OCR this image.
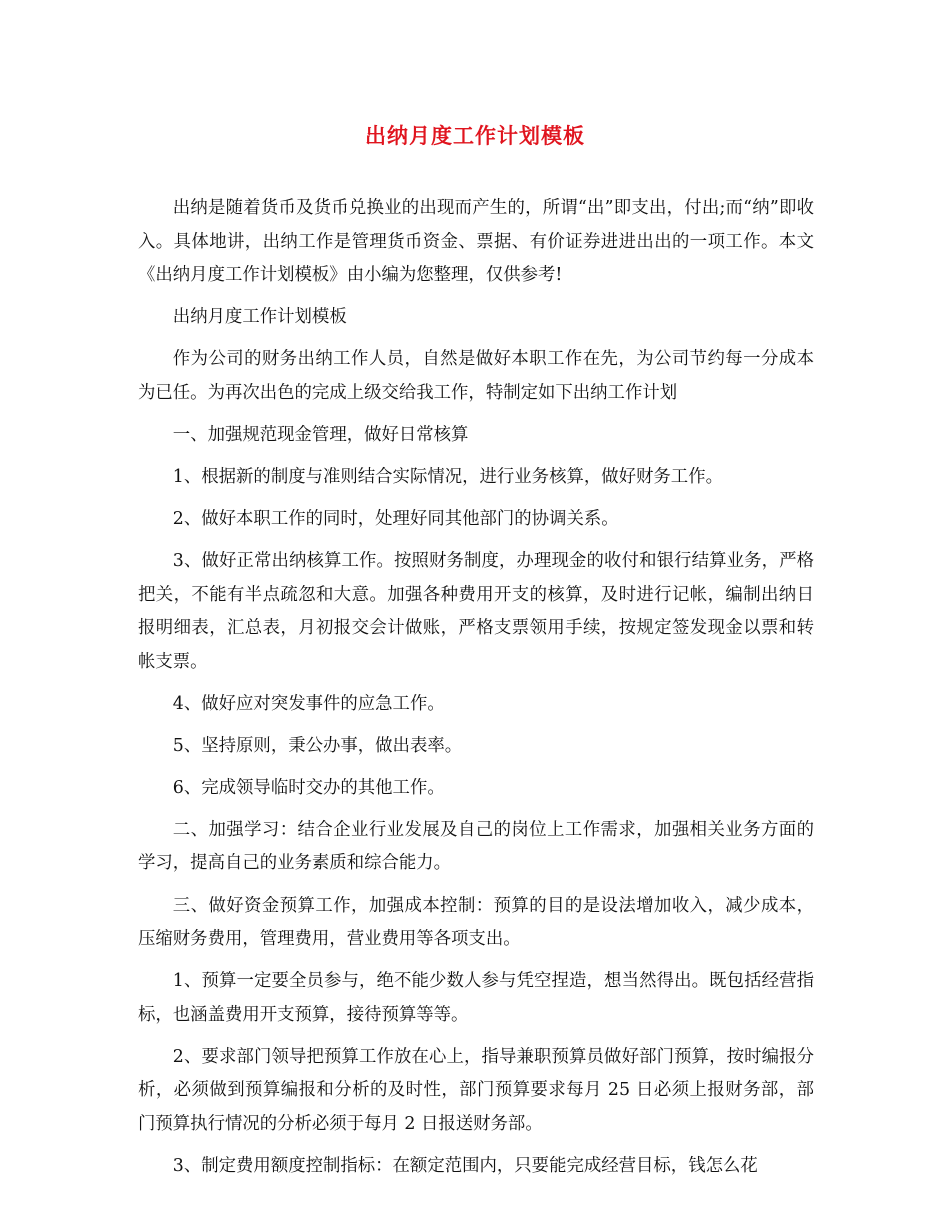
出纳月度工作计划模板

出纳是随着货币及货币兑换业的出现而产生的，所谓“出”即支出，付出;而“纳”即收入。具体地讲，出纳工作是管理货币资金、票据、有价证券进进出出的一项工作。本文《出纳月度工作计划模板》由小编为您整理，仅供参考!

出纳月度工作计划模板

作为公司的财务出纳工作人员，自然是做好本职工作在先，为公司节约每一分成本为已任。为再次出色的完成上级交给我工作，特制定如下出纳工作计划

一、加强规范现金管理，做好日常核算

1、根据新的制度与准则结合实际情况，进行业务核算，做好财务工作。

2、做好本职工作的同时，处理好同其他部门的协调关系。

3、做好正常出纳核算工作。按照财务制度，办理现金的收付和银行结算业务，严格把关，不能有半点疏忽和大意。加强各种费用开支的核算，及时进行记帐，编制出纳日报明细表，汇总表，月初报交会计做账，严格支票领用手续，按规定签发现金以票和转帐支票。

4、做好应对突发事件的应急工作。

5、坚持原则，秉公办事，做出表率。

6、完成领导临时交办的其他工作。

二、加强学习：结合企业行业发展及自己的岗位上工作需求，加强相关业务方面的学习，提高自己的业务素质和综合能力。

三、做好资金预算工作，加强成本控制：预算的目的是设法增加收入，减少成本，压缩财务费用，管理费用，营业费用等各项支出。

1、预算一定要全员参与，绝不能少数人参与凭空捏造，想当然得出。既包括经营指标，也涵盖费用开支预算，接待预算等等。

2、要求部门领导把预算工作放在心上，指导兼职预算员做好部门预算，按时编报分析，必须做到预算编报和分析的及时性，部门预算要求每月 25 日必须上报财务部，部门预算执行情况的分析必须于每月 2 日报送财务部。

3、制定费用额度控制指标：在额定范围内，只要能完成经营目标，钱怎么花
